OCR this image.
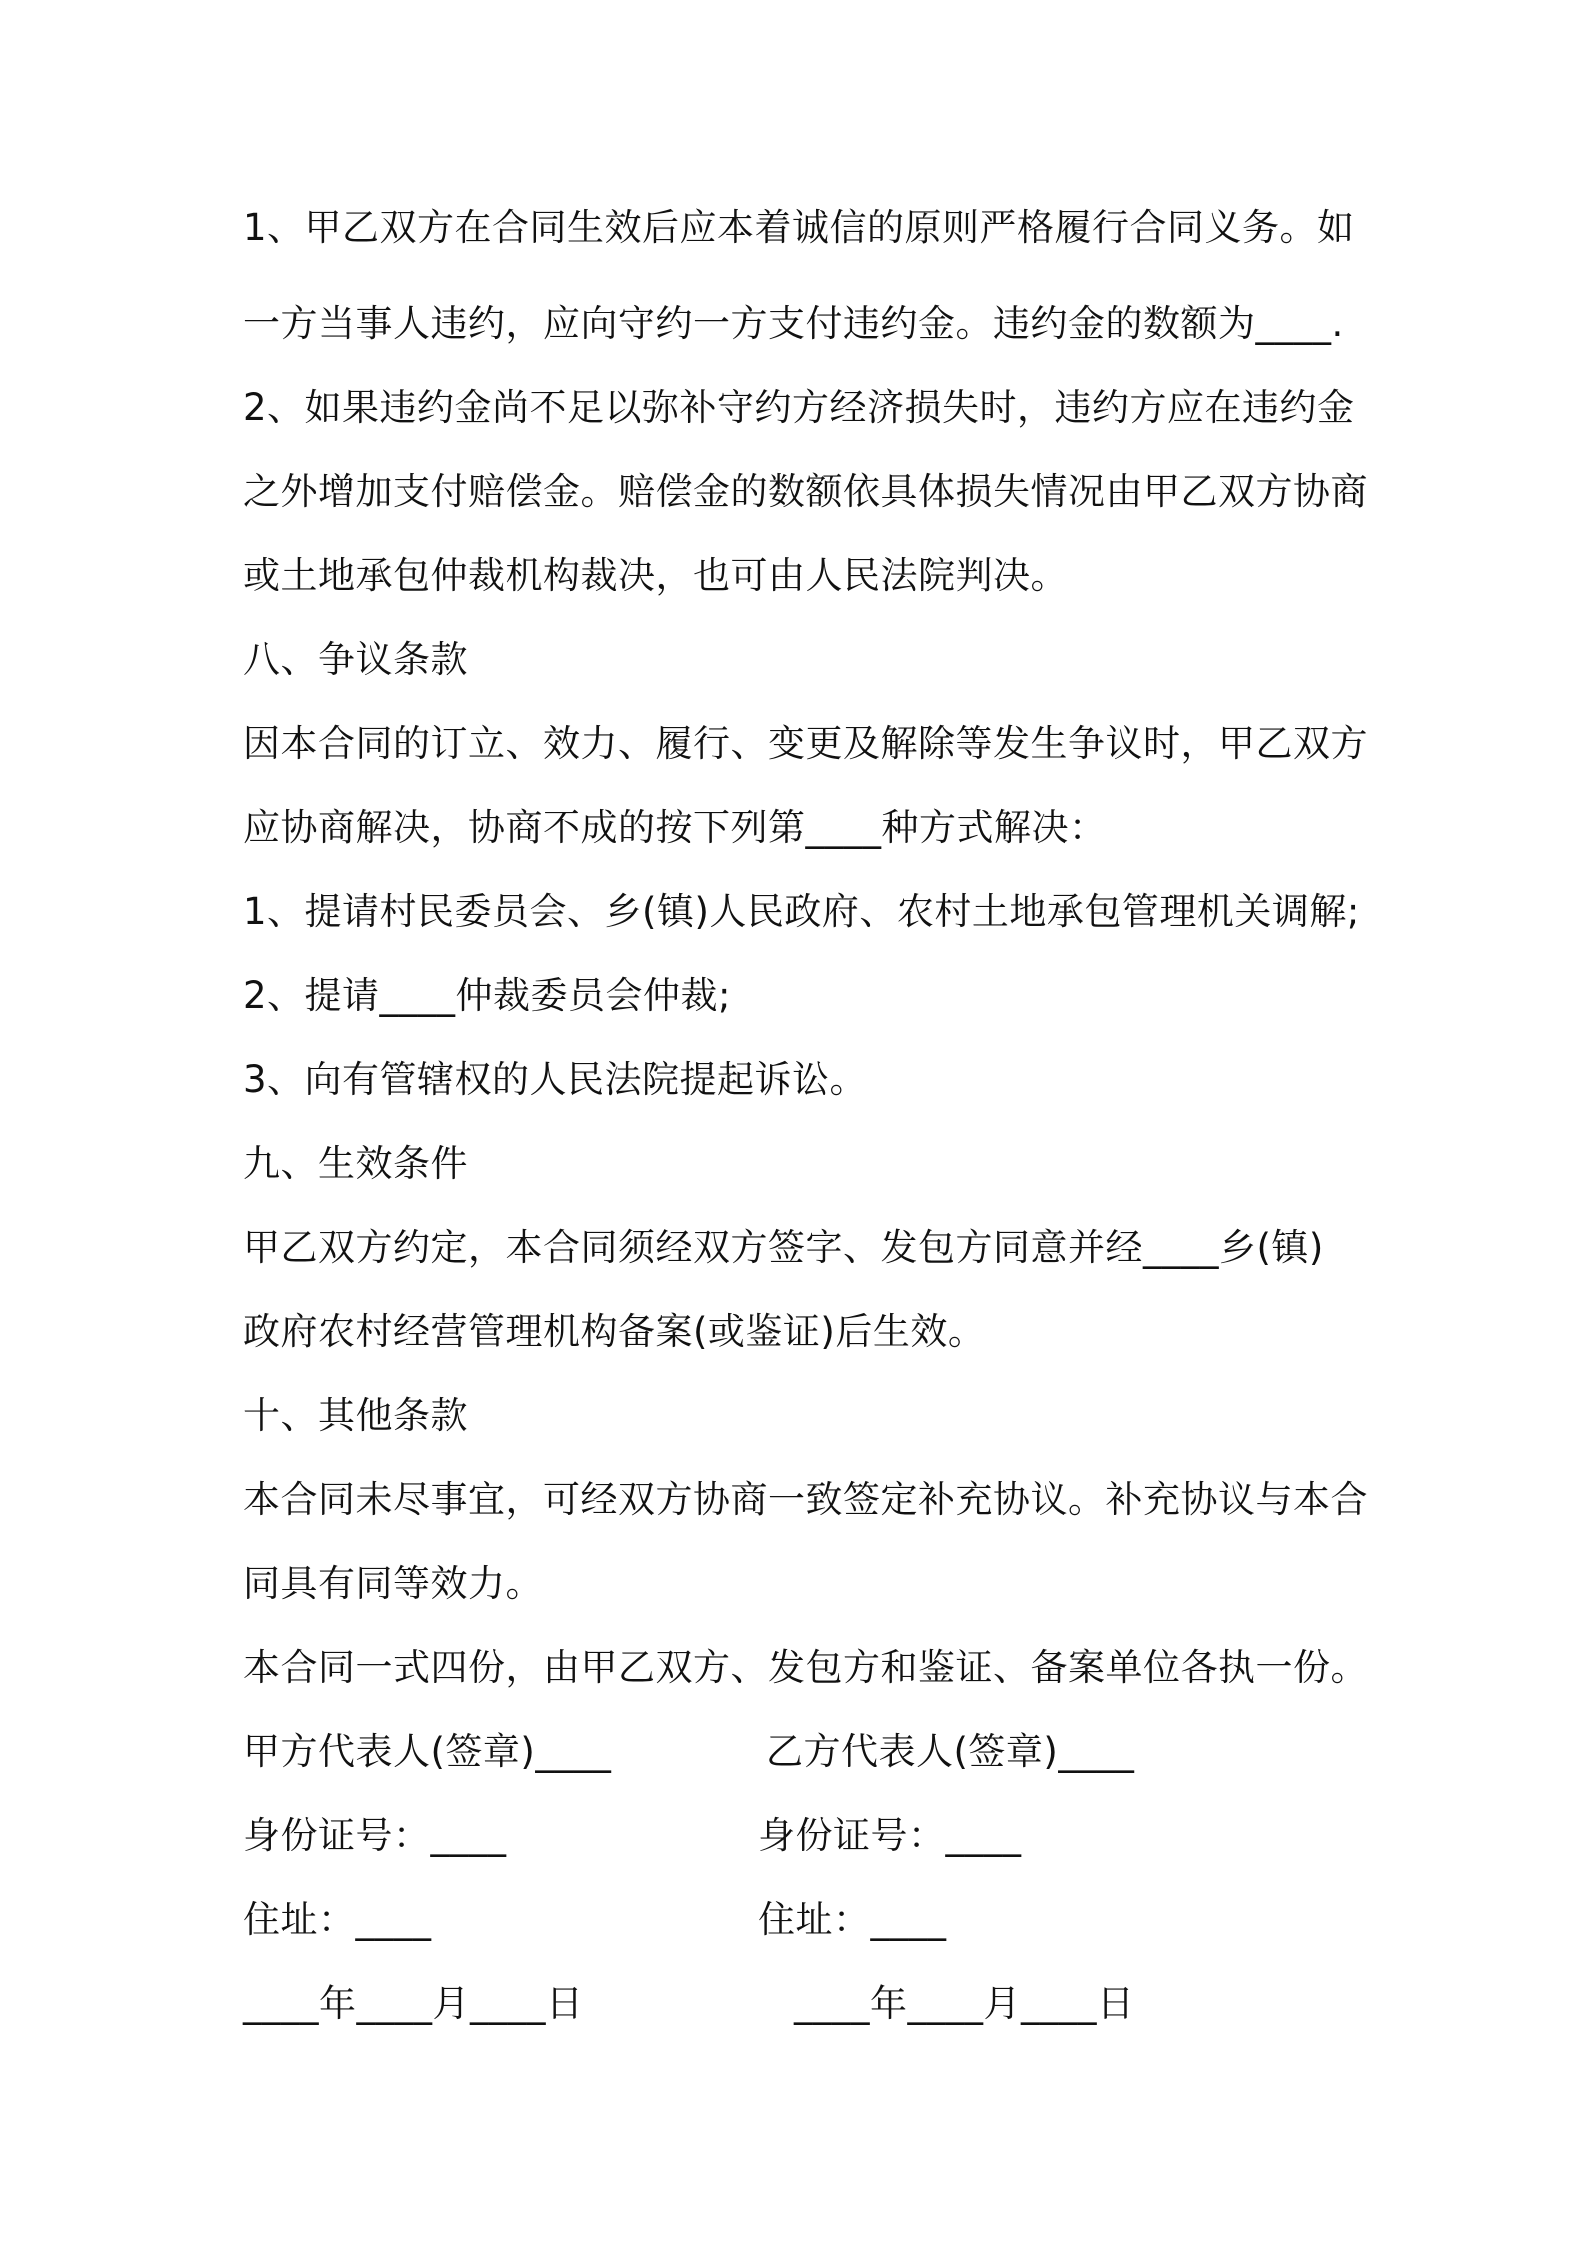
1、甲乙双方在合同生效后应本着诚信的原则严格履行合同义务。如
一方当事人违约，应向守约一方支付违约金。违约金的数额为____.
2、如果违约金尚不足以弥补守约方经济损失时，违约方应在违约金
之外增加支付赔偿金。赔偿金的数额依具体损失情况由甲乙双方协商
或土地承包仲裁机构裁决，也可由人民法院判决。
八、争议条款
因本合同的订立、效力、履行、变更及解除等发生争议时，甲乙双方
应协商解决，协商不成的按下列第____种方式解决：
1、提请村民委员会、乡(镇)人民政府、农村土地承包管理机关调解;
2、提请____仲裁委员会仲裁;
3、向有管辖权的人民法院提起诉讼。
九、生效条件
甲乙双方约定，本合同须经双方签字、发包方同意并经____乡(镇)
政府农村经营管理机构备案(或鉴证)后生效。
十、其他条款
本合同未尽事宜，可经双方协商一致签定补充协议。补充协议与本合
同具有同等效力。
本合同一式四份，由甲乙双方、发包方和鉴证、备案单位各执一份。
甲方代表人(签章)____	乙方代表人(签章)____
身份证号：____	身份证号：____
住址：____	住址：____
____年____月____日	____年____月____日
